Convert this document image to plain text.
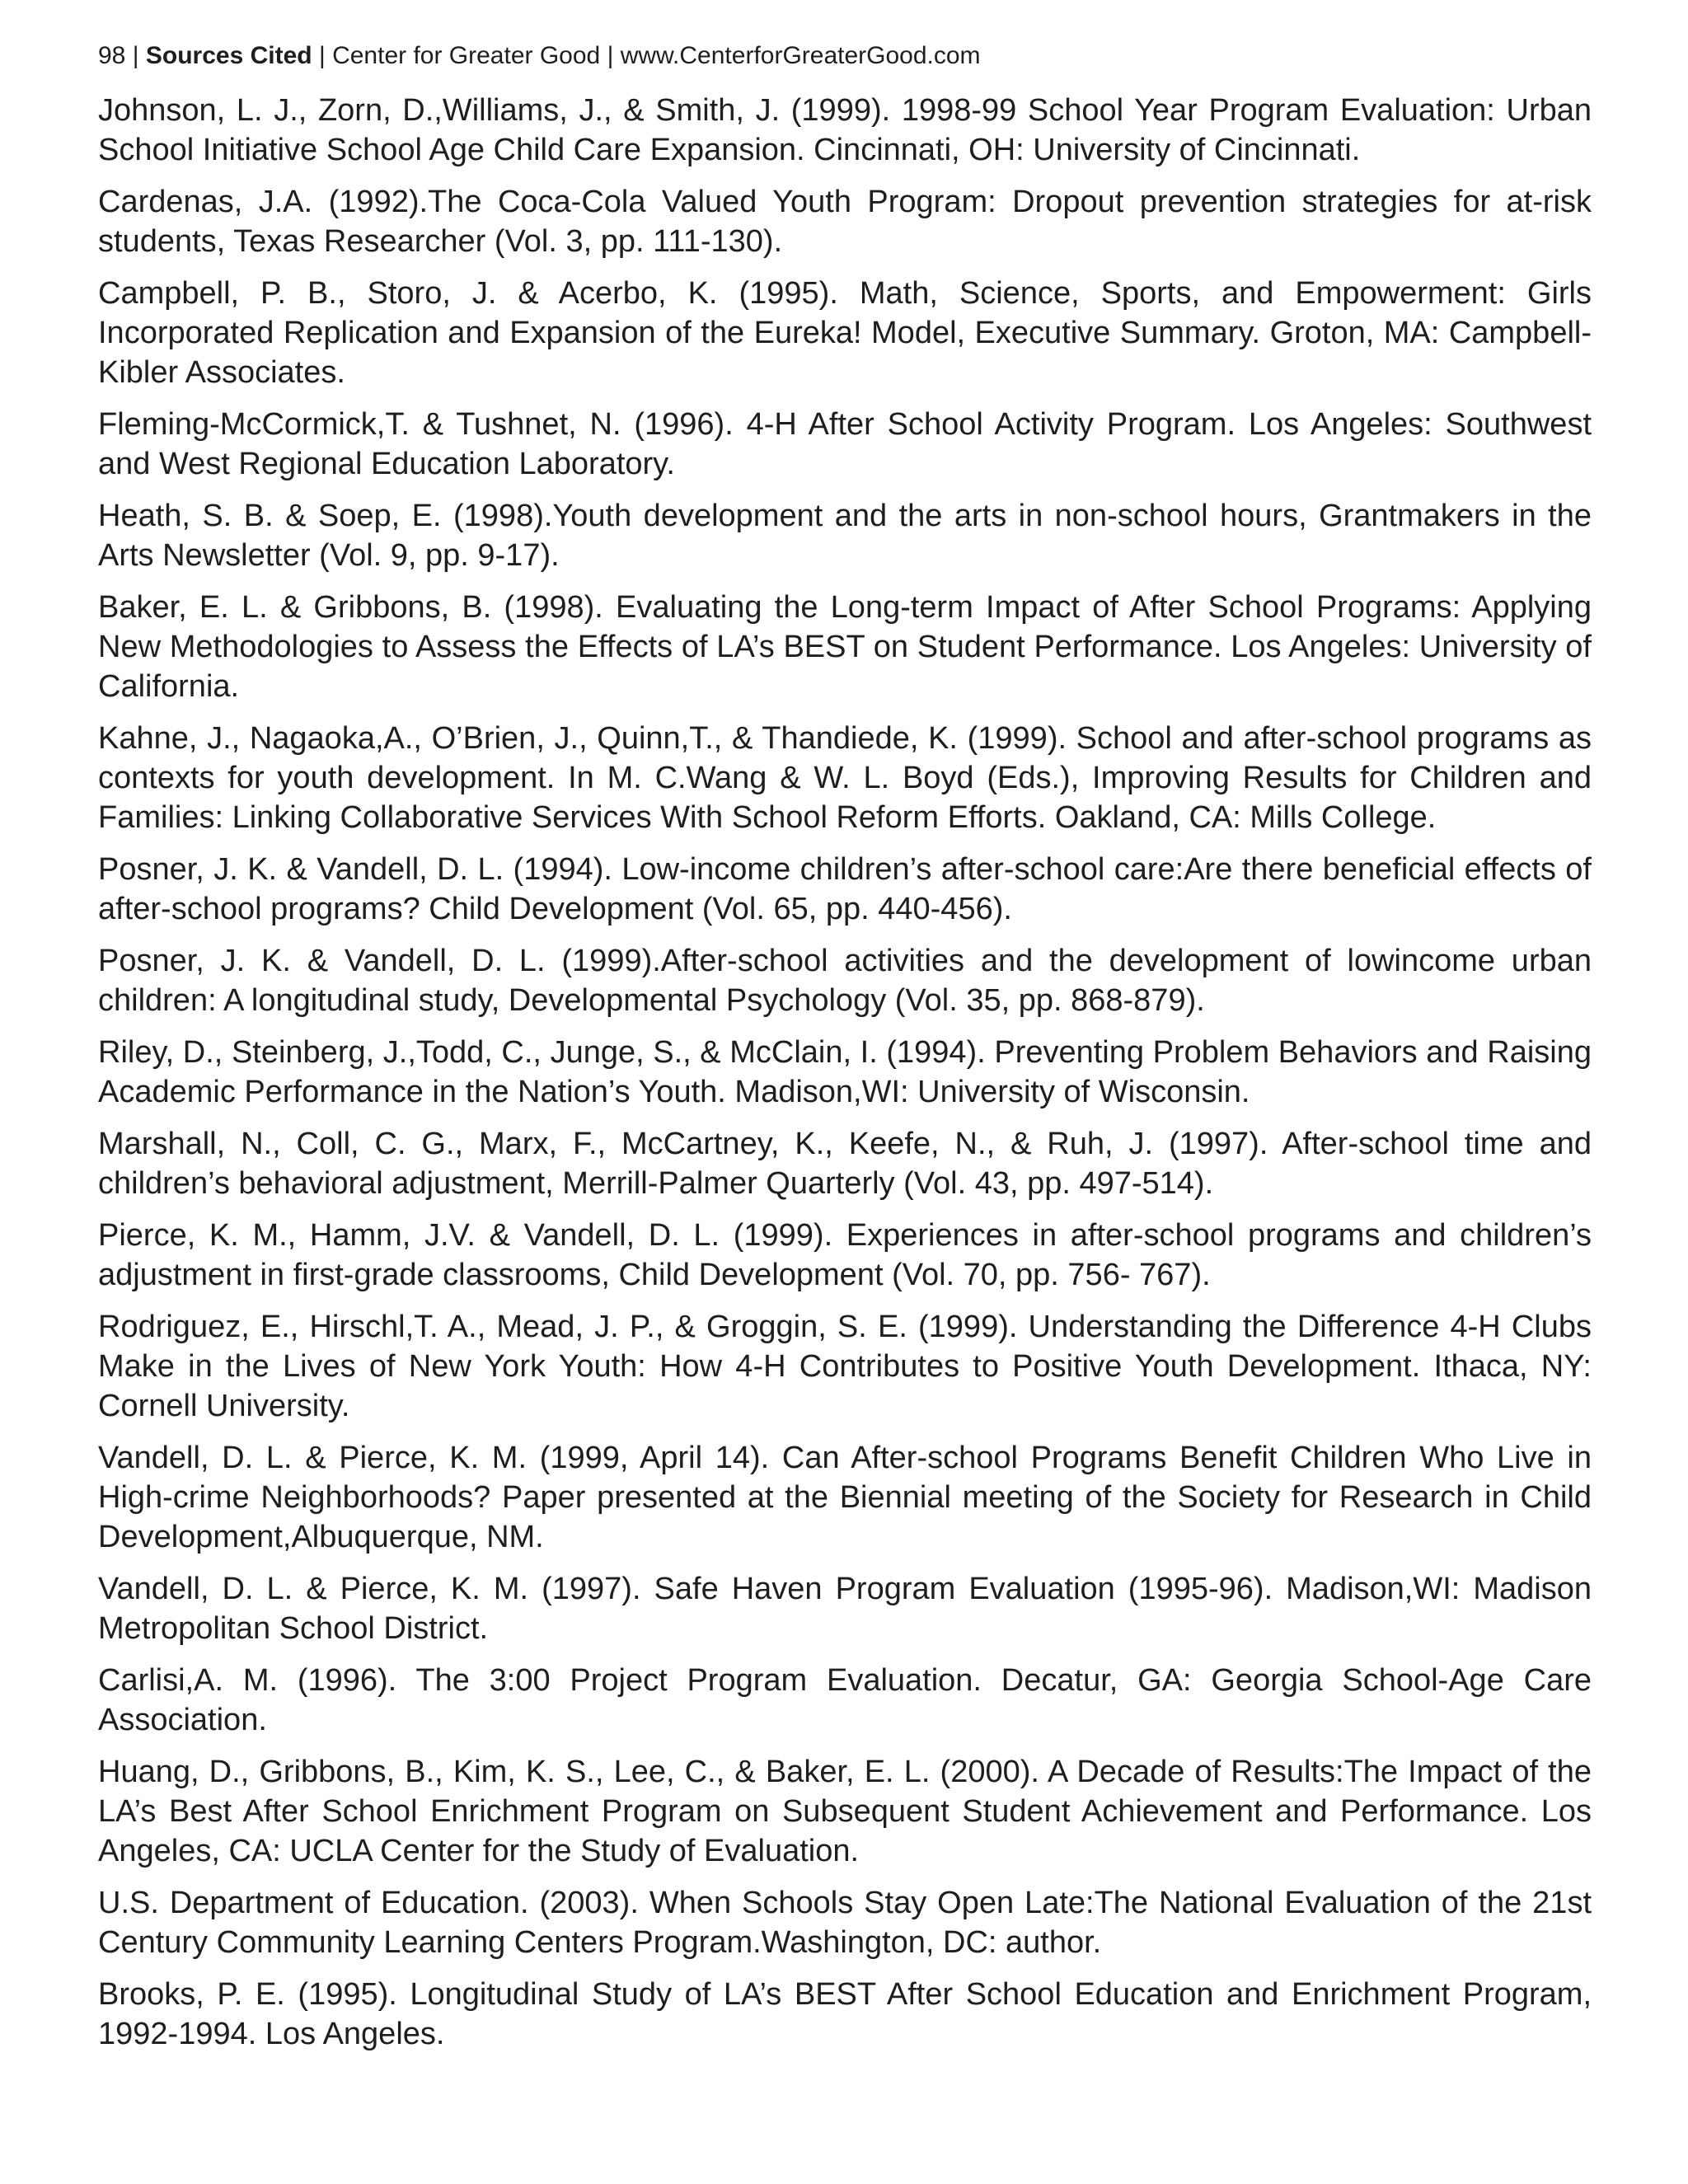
98 | Sources Cited | Center for Greater Good | www.CenterforGreaterGood.com
Johnson, L. J., Zorn, D.,Williams, J., & Smith, J. (1999). 1998-99 School Year Program Evaluation: Urban School Initiative School Age Child Care Expansion. Cincinnati, OH: University of Cincinnati.
Cardenas, J.A. (1992).The Coca-Cola Valued Youth Program: Dropout prevention strategies for at-risk students, Texas Researcher (Vol. 3, pp. 111-130).
Campbell, P. B., Storo, J. & Acerbo, K. (1995). Math, Science, Sports, and Empowerment: Girls Incorporated Replication and Expansion of the Eureka! Model, Executive Summary. Groton, MA: Campbell-Kibler Associates.
Fleming-McCormick,T. & Tushnet, N. (1996). 4-H After School Activity Program. Los Angeles: Southwest and West Regional Education Laboratory.
Heath, S. B. & Soep, E. (1998).Youth development and the arts in non-school hours, Grantmakers in the Arts Newsletter (Vol. 9, pp. 9-17).
Baker, E. L. & Gribbons, B. (1998). Evaluating the Long-term Impact of After School Programs: Applying New Methodologies to Assess the Effects of LA’s BEST on Student Performance. Los Angeles: University of California.
Kahne, J., Nagaoka,A., O’Brien, J., Quinn,T., & Thandiede, K. (1999). School and after-school programs as contexts for youth development. In M. C.Wang & W. L. Boyd (Eds.), Improving Results for Children and Families: Linking Collaborative Services With School Reform Efforts. Oakland, CA: Mills College.
Posner, J. K. & Vandell, D. L. (1994). Low-income children’s after-school care:Are there beneficial effects of after-school programs? Child Development (Vol. 65, pp. 440-456).
Posner, J. K. & Vandell, D. L. (1999).After-school activities and the development of lowincome urban children: A longitudinal study, Developmental Psychology (Vol. 35, pp. 868-879).
Riley, D., Steinberg, J.,Todd, C., Junge, S., & McClain, I. (1994). Preventing Problem Behaviors and Raising Academic Performance in the Nation’s Youth. Madison,WI: University of Wisconsin.
Marshall, N., Coll, C. G., Marx, F., McCartney, K., Keefe, N., & Ruh, J. (1997). After-school time and children’s behavioral adjustment, Merrill-Palmer Quarterly (Vol. 43, pp. 497-514).
Pierce, K. M., Hamm, J.V. & Vandell, D. L. (1999). Experiences in after-school programs and children’s adjustment in first-grade classrooms, Child Development (Vol. 70, pp. 756- 767).
Rodriguez, E., Hirschl,T. A., Mead, J. P., & Groggin, S. E. (1999). Understanding the Difference 4-H Clubs Make in the Lives of New York Youth: How 4-H Contributes to Positive Youth Development. Ithaca, NY: Cornell University.
Vandell, D. L. & Pierce, K. M. (1999, April 14). Can After-school Programs Benefit Children Who Live in High-crime Neighborhoods? Paper presented at the Biennial meeting of the Society for Research in Child Development,Albuquerque, NM.
Vandell, D. L. & Pierce, K. M. (1997). Safe Haven Program Evaluation (1995-96). Madison,WI: Madison Metropolitan School District.
Carlisi,A. M. (1996). The 3:00 Project Program Evaluation. Decatur, GA: Georgia School-Age Care Association.
Huang, D., Gribbons, B., Kim, K. S., Lee, C., & Baker, E. L. (2000). A Decade of Results:The Impact of the LA’s Best After School Enrichment Program on Subsequent Student Achievement and Performance. Los Angeles, CA: UCLA Center for the Study of Evaluation.
U.S. Department of Education. (2003). When Schools Stay Open Late:The National Evaluation of the 21st Century Community Learning Centers Program.Washington, DC: author.
Brooks, P. E. (1995). Longitudinal Study of LA’s BEST After School Education and Enrichment Program, 1992-1994. Los Angeles.
